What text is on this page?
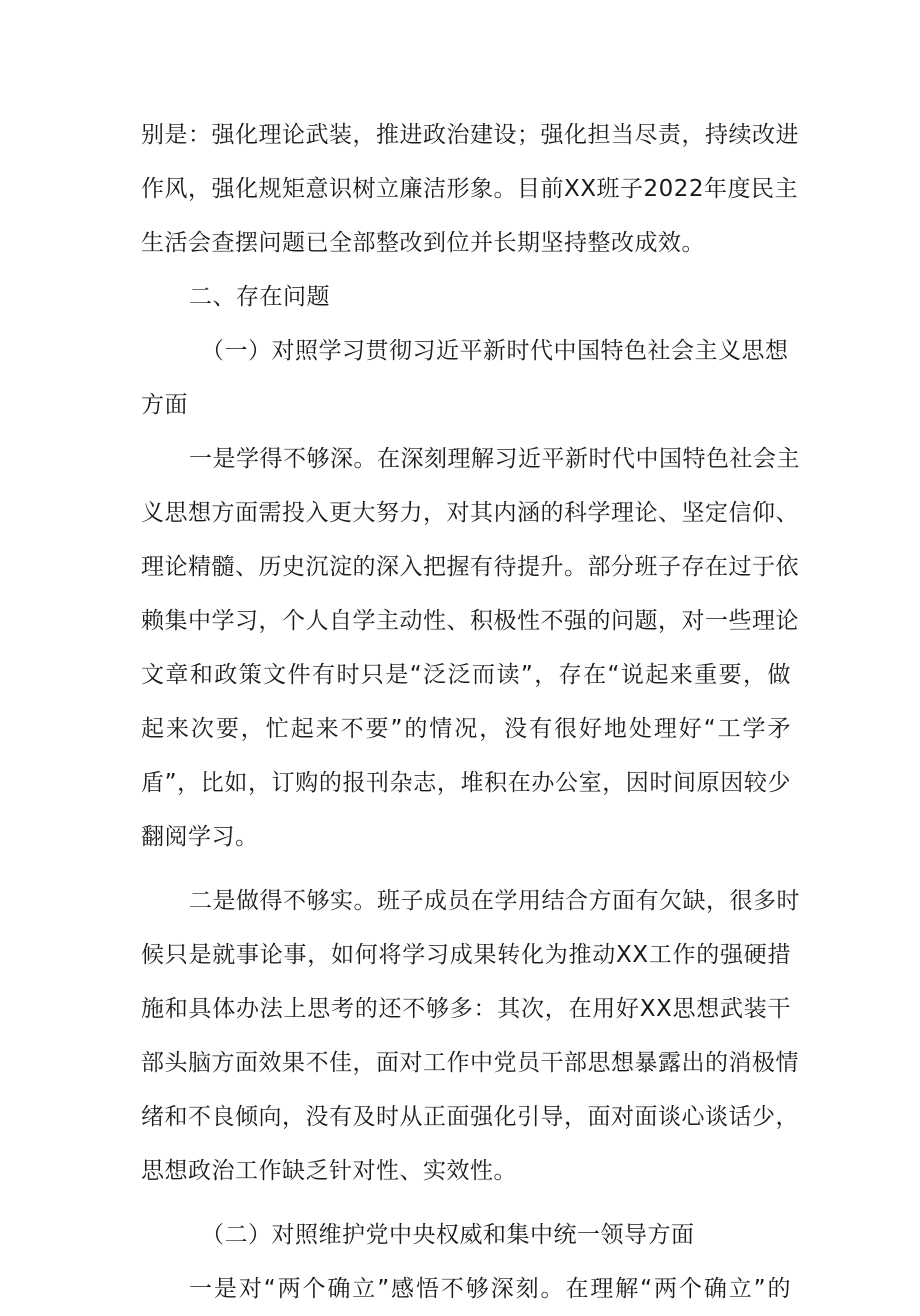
别是：强化理论武装，推进政治建设；强化担当尽责，持续改进
作风，强化规矩意识树立廉洁形象。目前XX班子2022年度民主
生活会查摆问题已全部整改到位并长期坚持整改成效。
二、存在问题
（一）对照学习贯彻习近平新时代中国特色社会主义思想
方面
一是学得不够深。在深刻理解习近平新时代中国特色社会主
义思想方面需投入更大努力，对其内涵的科学理论、坚定信仰、
理论精髓、历史沉淀的深入把握有待提升。部分班子存在过于依
赖集中学习，个人自学主动性、积极性不强的问题，对一些理论
文章和政策文件有时只是“泛泛而读”，存在“说起来重要，做
起来次要，忙起来不要”的情况，没有很好地处理好“工学矛
盾”，比如，订购的报刊杂志，堆积在办公室，因时间原因较少
翻阅学习。
二是做得不够实。班子成员在学用结合方面有欠缺，很多时
候只是就事论事，如何将学习成果转化为推动XX工作的强硬措
施和具体办法上思考的还不够多：其次，在用好XX思想武装干
部头脑方面效果不佳，面对工作中党员干部思想暴露出的消极情
绪和不良倾向，没有及时从正面强化引导，面对面谈心谈话少，
思想政治工作缺乏针对性、实效性。
（二）对照维护党中央权威和集中统一领导方面
一是对“两个确立”感悟不够深刻。在理解“两个确立”的
